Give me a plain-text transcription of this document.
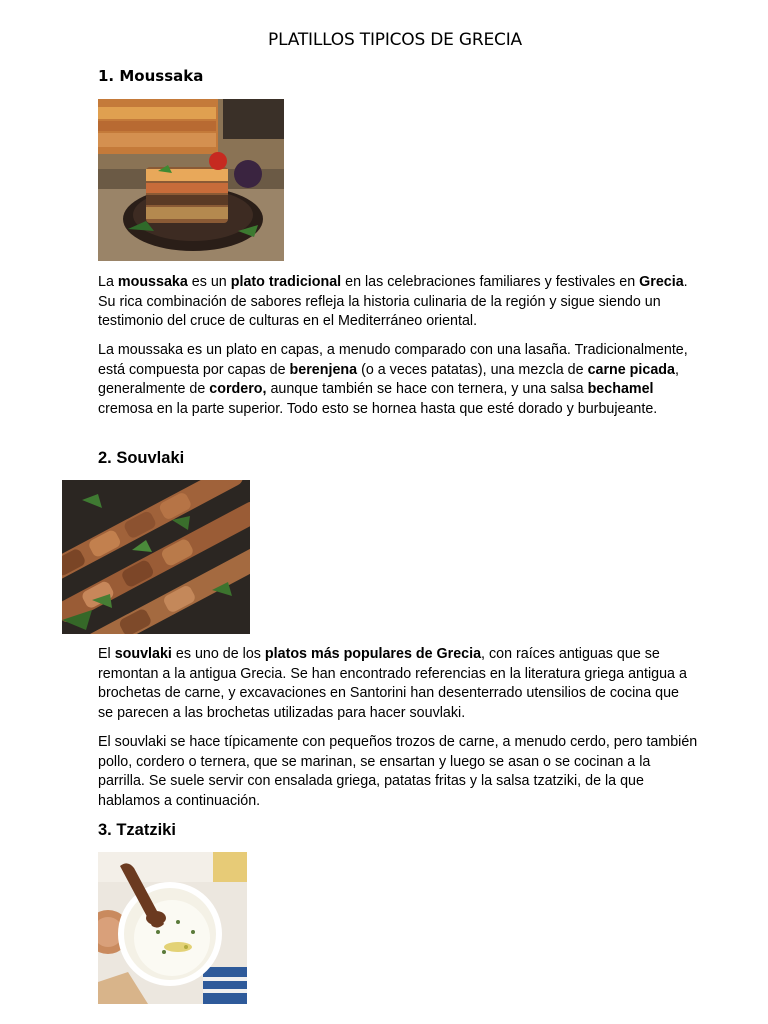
PLATILLOS TIPICOS DE GRECIA
1. Moussaka

La moussaka es un plato tradicional en las celebraciones familiares y festivales en Grecia. Su rica combinación de sabores refleja la historia culinaria de la región y sigue siendo un testimonio del cruce de culturas en el Mediterráneo oriental.

La moussaka es un plato en capas, a menudo comparado con una lasaña. Tradicionalmente, está compuesta por capas de berenjena (o a veces patatas), una mezcla de carne picada, generalmente de cordero, aunque también se hace con ternera, y una salsa bechamel cremosa en la parte superior. Todo esto se hornea hasta que esté dorado y burbujeante.

2. Souvlaki

El souvlaki es uno de los platos más populares de Grecia, con raíces antiguas que se remontan a la antigua Grecia. Se han encontrado referencias en la literatura griega antigua a brochetas de carne, y excavaciones en Santorini han desenterrado utensilios de cocina que se parecen a las brochetas utilizadas para hacer souvlaki.

El souvlaki se hace típicamente con pequeños trozos de carne, a menudo cerdo, pero también pollo, cordero o ternera, que se marinan, se ensartan y luego se asan o se cocinan a la parrilla. Se suele servir con ensalada griega, patatas fritas y la salsa tzatziki, de la que hablamos a continuación.

3. Tzatziki
